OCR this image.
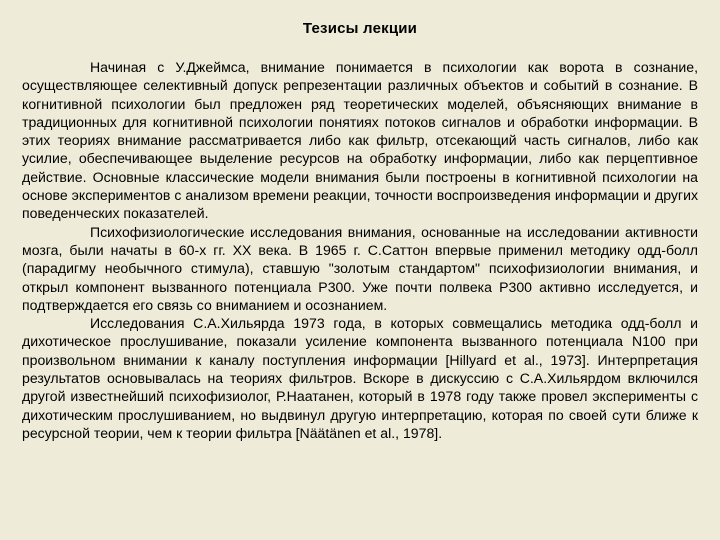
Тезисы лекции

Начиная с У.Джеймса, внимание понимается в психологии как ворота в сознание, осуществляющее селективный допуск репрезентации различных объектов и событий в сознание. В когнитивной психологии был предложен ряд теоретических моделей, объясняющих внимание в традиционных для когнитивной психологии понятиях потоков сигналов и обработки информации. В этих теориях внимание рассматривается либо как фильтр, отсекающий часть сигналов, либо как усилие, обеспечивающее выделение ресурсов на обработку информации, либо как перцептивное действие. Основные классические модели внимания были построены в когнитивной психологии на основе экспериментов с анализом времени реакции, точности воспроизведения информации и других поведенческих показателей.

Психофизиологические исследования внимания, основанные на исследовании активности мозга, были начаты в 60-х гг. XX века. В 1965 г. С.Саттон впервые применил методику одд-болл (парадигму необычного стимула), ставшую "золотым стандартом" психофизиологии внимания, и открыл компонент вызванного потенциала Р300. Уже почти полвека Р300 активно исследуется, и подтверждается его связь со вниманием и осознанием.

Исследования С.А.Хильярда 1973 года, в которых совмещались методика одд-болл и дихотическое прослушивание, показали усиление компонента вызванного потенциала N100 при произвольном внимании к каналу поступления информации [Hillyard et al., 1973]. Интерпретация результатов основывалась на теориях фильтров. Вскоре в дискуссию с С.А.Хильярдом включился другой известнейший психофизиолог, Р.Наатанен, который в 1978 году также провел эксперименты с дихотическим прослушиванием, но выдвинул другую интерпретацию, которая по своей сути ближе к ресурсной теории, чем к теории фильтра [Näätänen et al., 1978].
